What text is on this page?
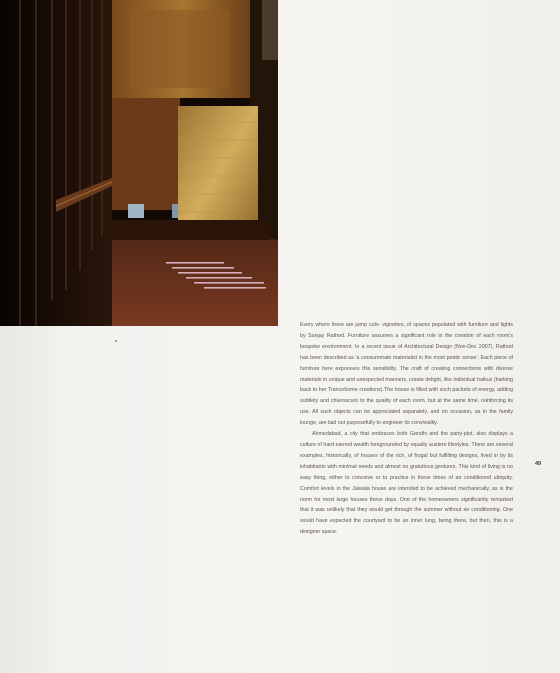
Every where there are jump cuts- vignettes, of spaces populated with furniture and lights by Sanjay Rathod. Furniture assumes a significant role in the creation of each room's bespoke environment. In a recent issue of Architectural Design (Nov-Dec 2007), Rathod has been described as 'a consummate materialist in the most poetic sense'. Each piece of furniture here expresses this sensibility. The craft of creating connections with diverse materials in unique and unexpected manners, create delight, like individual haikus (harking back to her Tranceforme creations).The house is filled with such packets of energy, adding subtlety and chiaroscuro to the quality of each room, but at the same time, reinforcing its use. All such objects can be appreciated separately, and on occasion, as in the family lounge, are laid out purposefully to engineer its conviviality.

Ahmedabad, a city that embraces both Gandhi and the party-plot, also displays a culture of hard earned wealth foregrounded by equally austere lifestyles. There are several examples, historically, of houses of the rich, of frugal but fulfilling designs, lived in by its inhabitants with minimal needs and almost no gratuitous gestures. This kind of living is no easy thing, either to conceive or to practice in these times of air conditioned ubiquity. Comfort levels in the Jaiwala house are intended to be achieved mechanically, as is the norm for most large houses these days. One of the homeowners significantly remarked that it was unlikely that they would get through the summer without air conditioning. One would have expected the courtyard to be an inner lung, being there, but then, this is a designer space.

49
